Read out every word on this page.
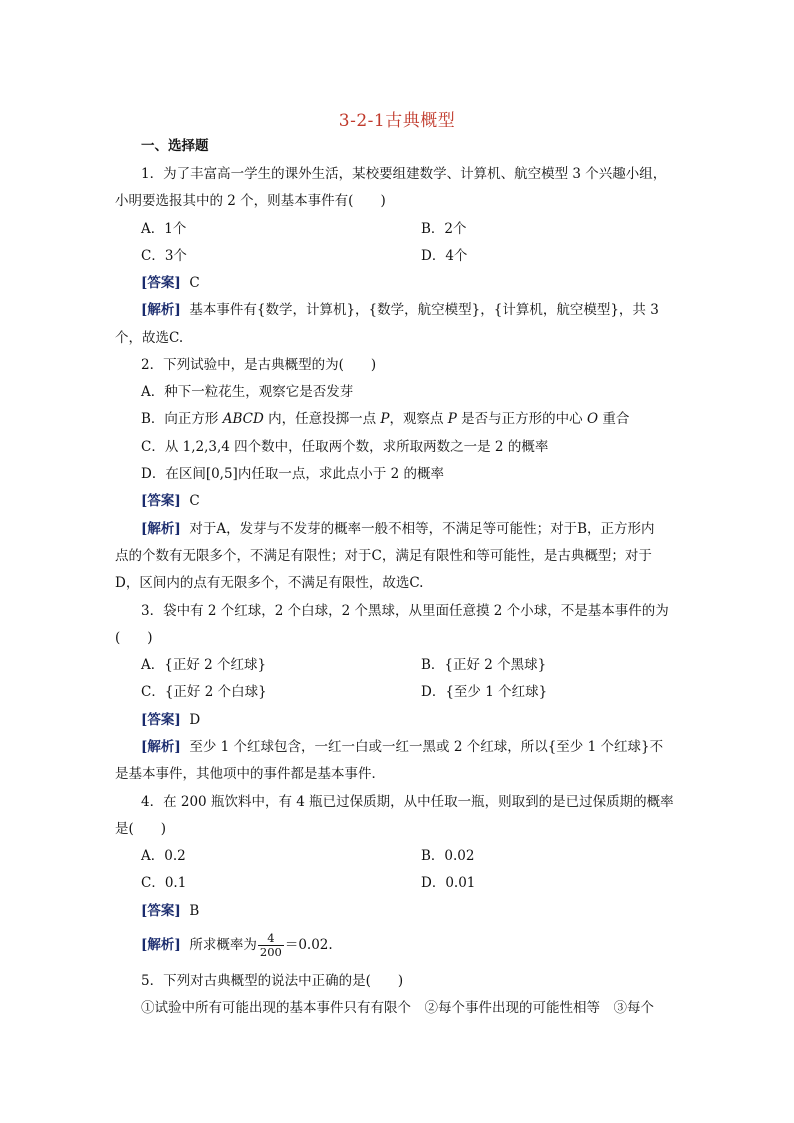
3-2-1古典概型
一、选择题
1．为了丰富高一学生的课外生活，某校要组建数学、计算机、航空模型 3 个兴趣小组，
小明要选报其中的 2 个，则基本事件有(　　)
A．1个	B．2个
C．3个	D．4个
[答案] C
[解析] 基本事件有{数学，计算机}，{数学，航空模型}，{计算机，航空模型}，共 3
个，故选C.
2．下列试验中，是古典概型的为(　　)
A．种下一粒花生，观察它是否发芽
B．向正方形 ABCD 内，任意投掷一点 P，观察点 P 是否与正方形的中心 O 重合
C．从 1,2,3,4 四个数中，任取两个数，求所取两数之一是 2 的概率
D．在区间[0,5]内任取一点，求此点小于 2 的概率
[答案] C
[解析] 对于A，发芽与不发芽的概率一般不相等，不满足等可能性；对于B，正方形内
点的个数有无限多个，不满足有限性；对于C，满足有限性和等可能性，是古典概型；对于
D，区间内的点有无限多个，不满足有限性，故选C.
3．袋中有 2 个红球，2 个白球，2 个黑球，从里面任意摸 2 个小球，不是基本事件的为
(　　)
A．{正好 2 个红球}	B．{正好 2 个黑球}
C．{正好 2 个白球}	D．{至少 1 个红球}
[答案] D
[解析] 至少 1 个红球包含，一红一白或一红一黑或 2 个红球，所以{至少 1 个红球}不
是基本事件，其他项中的事件都是基本事件．
4．在 200 瓶饮料中，有 4 瓶已过保质期，从中任取一瓶，则取到的是已过保质期的概率
是(　　)
A．0.2	B．0.02
C．0.1	D．0.01
[答案] B
[解析] 所求概率为 $\frac{4}{200} =0.02$.
5．下列对古典概型的说法中正确的是(　　)
①试验中所有可能出现的基本事件只有有限个　②每个事件出现的可能性相等　③每个
